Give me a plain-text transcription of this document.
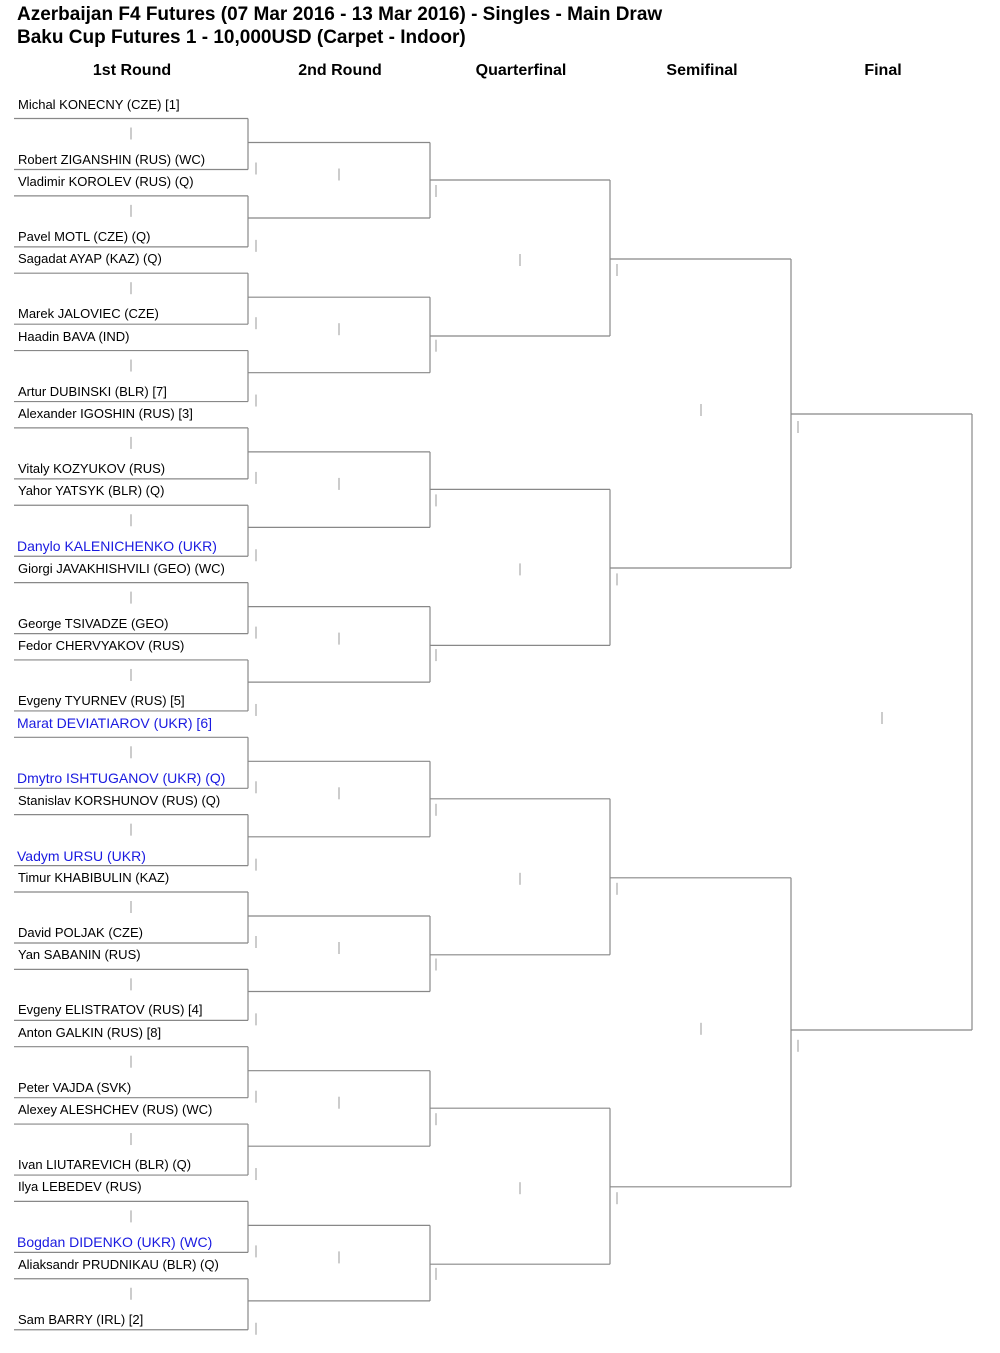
Azerbaijan F4 Futures (07 Mar 2016 - 13 Mar 2016) - Singles - Main Draw
Baku Cup Futures 1 - 10,000USD (Carpet - Indoor)
1st Round	2nd Round	Quarterfinal	Semifinal	Final
Michal KONECNY (CZE) [1]
Robert ZIGANSHIN (RUS) (WC)
Vladimir KOROLEV (RUS) (Q)
Pavel MOTL (CZE) (Q)
Sagadat AYAP (KAZ) (Q)
Marek JALOVIEC (CZE)
Haadin BAVA (IND)
Artur DUBINSKI (BLR) [7]
Alexander IGOSHIN (RUS) [3]
Vitaly KOZYUKOV (RUS)
Yahor YATSYK (BLR) (Q)
Danylo KALENICHENKO (UKR)
Giorgi JAVAKHISHVILI (GEO) (WC)
George TSIVADZE (GEO)
Fedor CHERVYAKOV (RUS)
Evgeny TYURNEV (RUS) [5]
Marat DEVIATIAROV (UKR) [6]
Dmytro ISHTUGANOV (UKR) (Q)
Stanislav KORSHUNOV (RUS) (Q)
Vadym URSU (UKR)
Timur KHABIBULIN (KAZ)
David POLJAK (CZE)
Yan SABANIN (RUS)
Evgeny ELISTRATOV (RUS) [4]
Anton GALKIN (RUS) [8]
Peter VAJDA (SVK)
Alexey ALESHCHEV (RUS) (WC)
Ivan LIUTAREVICH (BLR) (Q)
Ilya LEBEDEV (RUS)
Bogdan DIDENKO (UKR) (WC)
Aliaksandr PRUDNIKAU (BLR) (Q)
Sam BARRY (IRL) [2]
